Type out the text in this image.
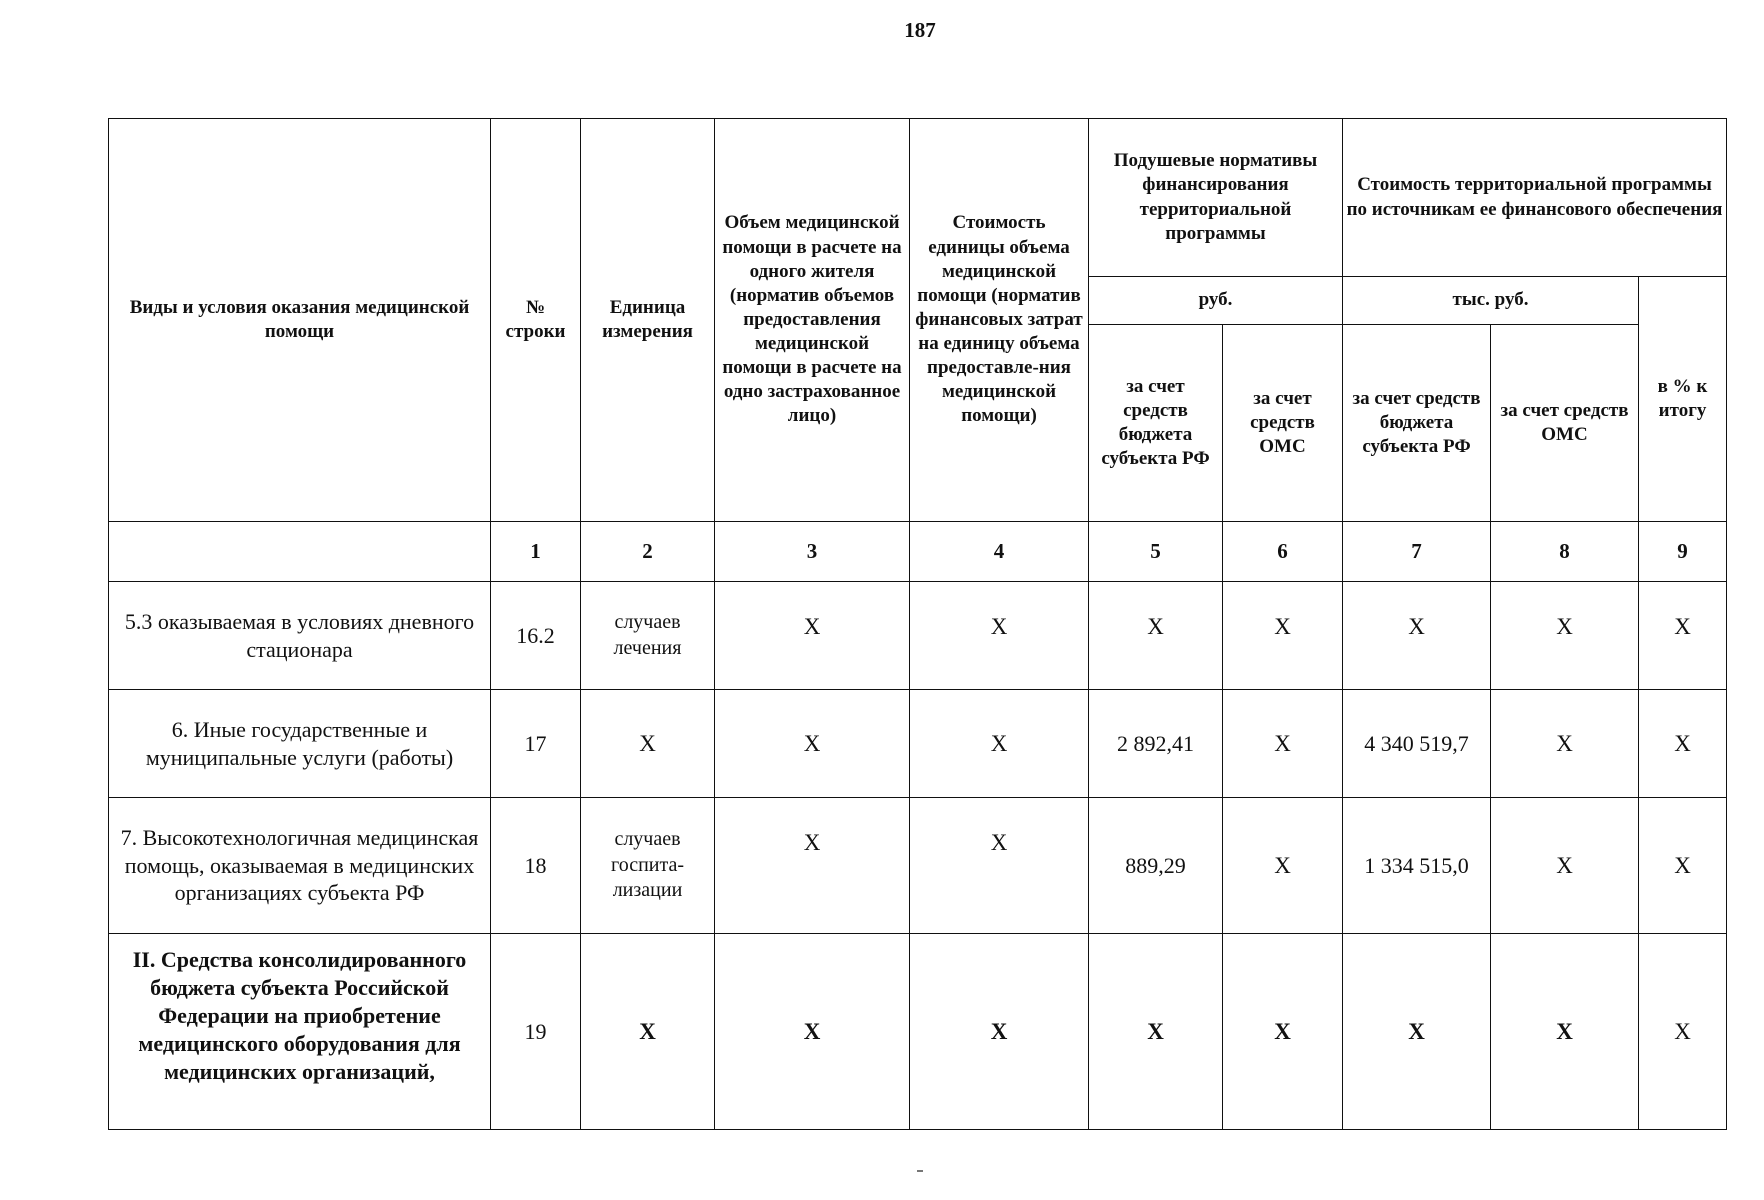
187
Виды и условия оказания медицинской помощи	№ строки	Единица измерения	Объем медицинской помощи в расчете на одного жителя (норматив объемов предоставления медицинской помощи в расчете на одно застрахованное лицо)	Стоимость единицы объема медицинской помощи (норматив финансовых затрат на единицу объема предоставле-ния медицинской помощи)	Подушевые нормативы финансирования территориальной программы		Стоимость территориальной программы по источникам ее финансового обеспечения		
					руб.		тыс. руб.		в % к итогу
					за счет средств бюджета субъекта РФ	за счет средств ОМС	за счет средств бюджета субъекта РФ	за счет средств ОМС	
	1	2	3	4	5	6	7	8	9
5.3 оказываемая в условиях дневного стационара	16.2	случаев лечения	X	X	X	X	X	X	X
6. Иные государственные и муниципальные услуги (работы)	17	X	X	X	2 892,41	X	4 340 519,7	X	X
7. Высокотехнологичная медицинская помощь, оказываемая в медицинских организациях субъекта РФ	18	случаев госпита-лизации	X	X	889,29	X	1 334 515,0	X	X
II. Средства консолидированного бюджета субъекта Российской Федерации на приобретение медицинского оборудования для медицинских организаций,	19	X	X	X	X	X	X	X	X
